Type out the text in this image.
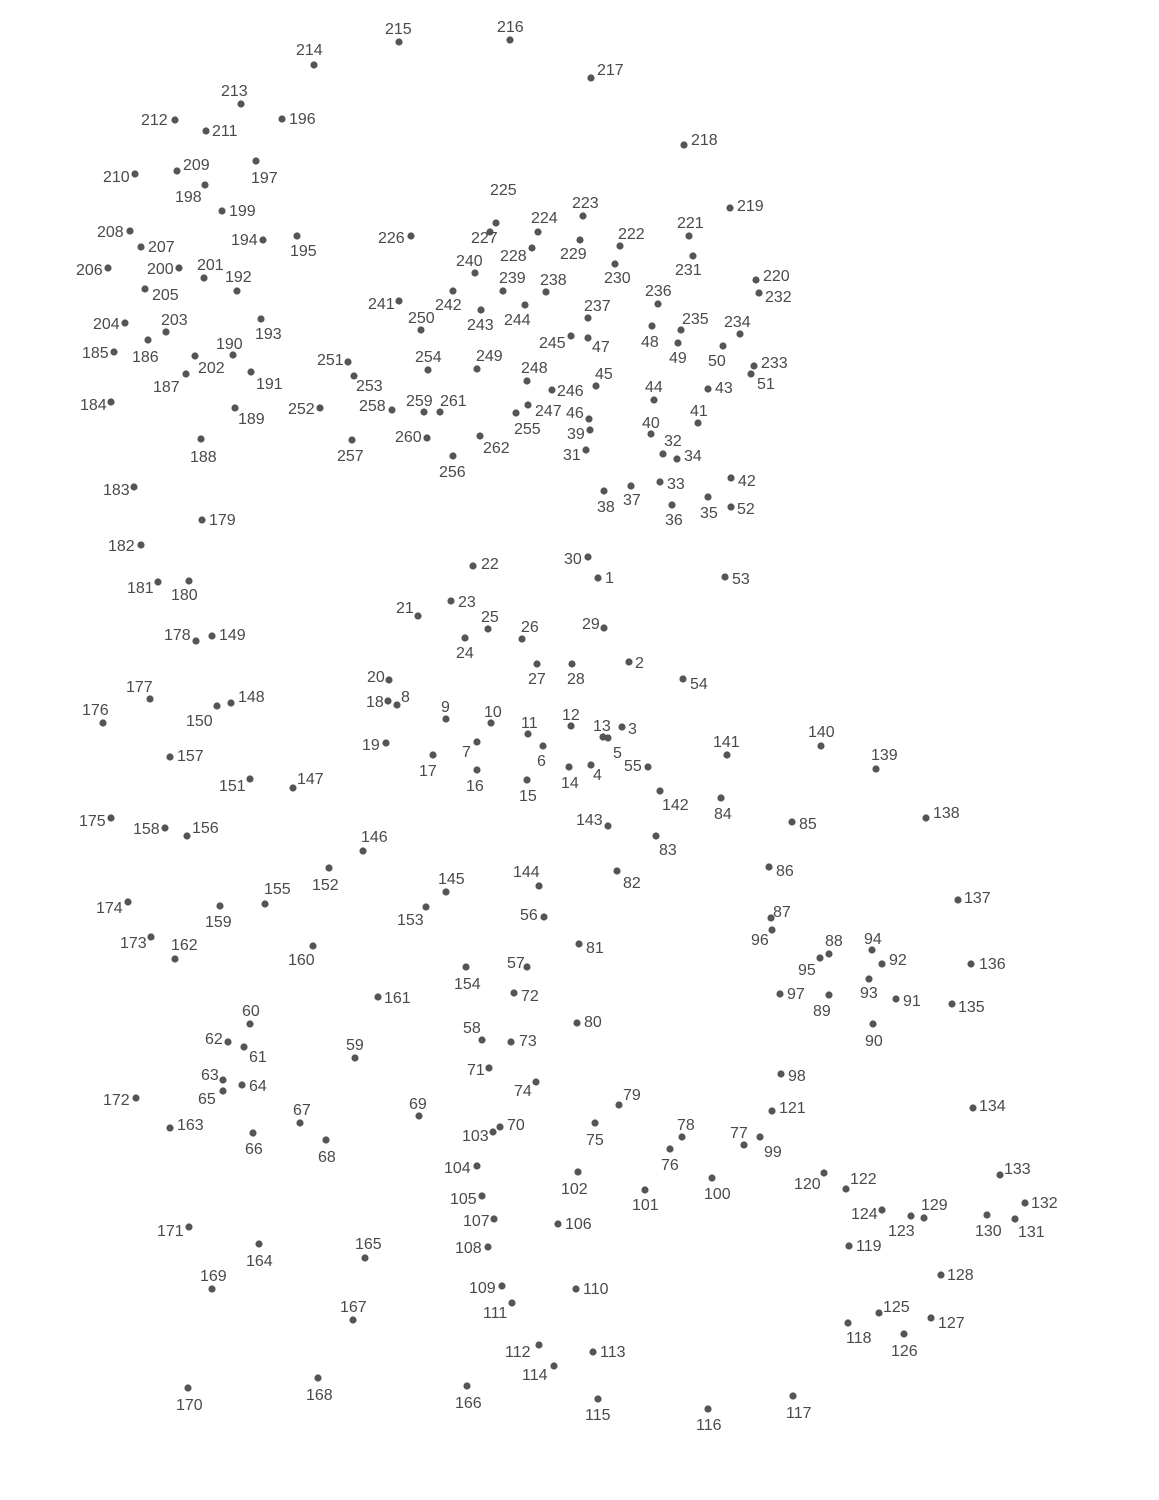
1
2
3
4
5
6
7
8
9 10
11 12
13
14
15
16
17
18
19
20
21
22
23
24
25
26
27 28
29
30
31
32
33
34
35
36
37
38
39
40
41
42
43
44
45
46
47 48
49 50
51
52
53
54
55
56
57
58
59
60
61
62
63
64
65
66
67
68
69
70
71
72
73
74
75
76
77
78
79
80
81
82
83
84
85
86
87
88
89
90
91
92
93
94
95
96
97
98
99
100
101
102
103
104
105
106
107
108
109	110
111
112	113
114
115
116
117
118
119
120
121
122
123
124
125
126
127
128
129
130 131
132
133
134
135
136
137
138
139
140
141
142
143
144
145
146
147
148
149
150
151
152
153
154
155
156
157
158
159
160
161
162
163
164
165
166
167
168
169
170
171
172
173
174
175
176
177
178
179
180
181
182
183
184
185 186
187
188
189
190
191
192
193
194
195
196
197
198
199
200 201
202
203
204
205
206
207
208
209
210
211
212
213
214
215	216
217
218
219
220
221
222
223
224
225
226	227
228 229
230	231
232
233
234
235
236
237
238
239
240
241	242
243 244
245
246
247
248
249
250
251
252
253
254
255
256
257
258 259
260
261
262
